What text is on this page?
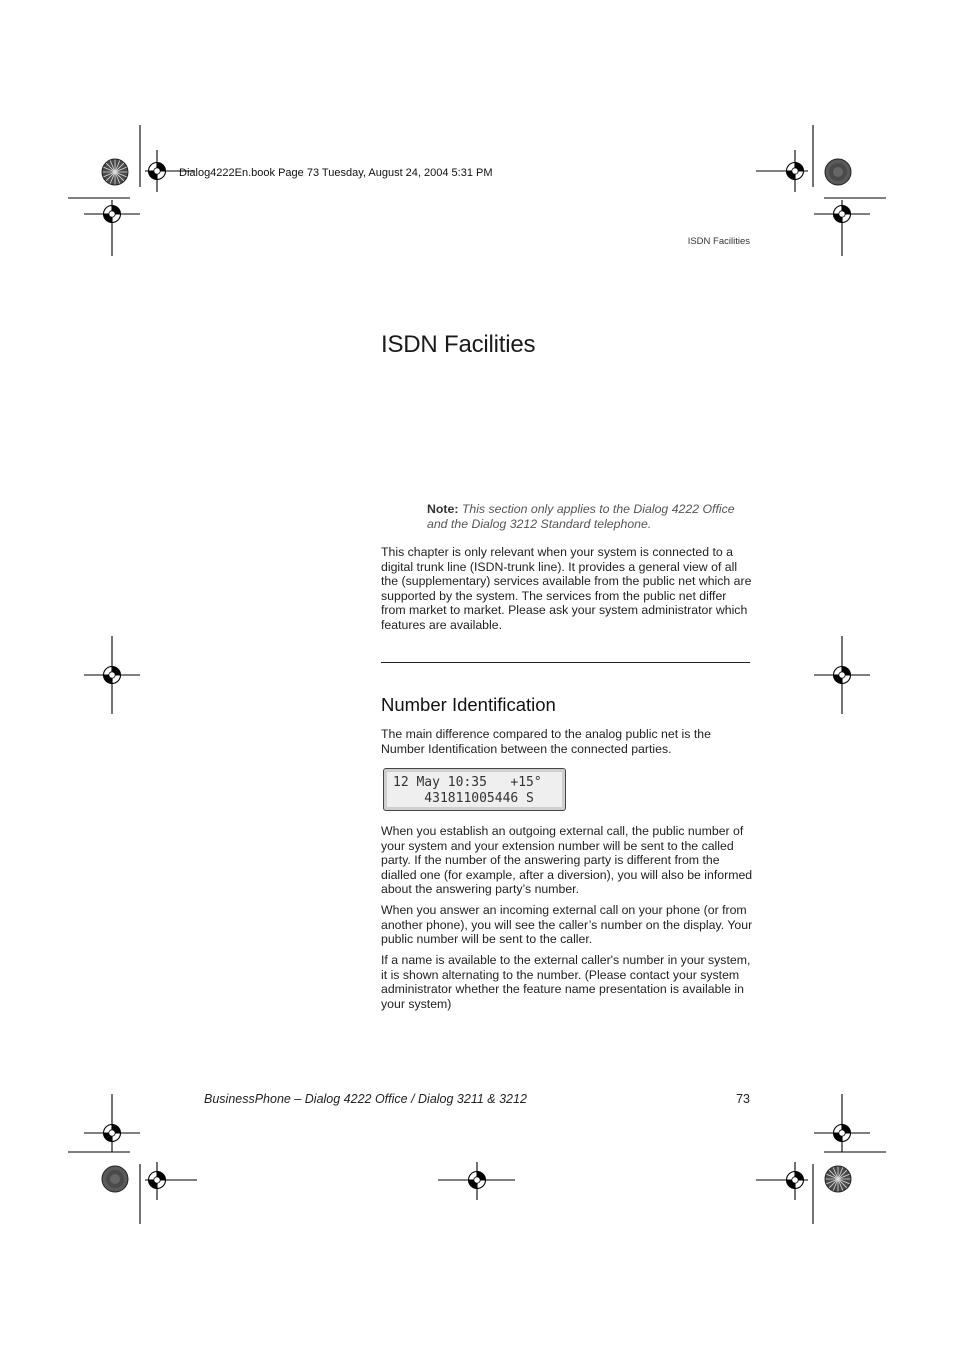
Dialog4222En.book Page 73 Tuesday, August 24, 2004 5:31 PM
ISDN Facilities
ISDN Facilities
Note: This section only applies to the Dialog 4222 Office and the Dialog 3212 Standard telephone.

This chapter is only relevant when your system is connected to a digital trunk line (ISDN-trunk line). It provides a general view of all the (supplementary) services available from the public net which are supported by the system. The services from the public net differ from market to market. Please ask your system administrator which features are available.

Number Identification

The main difference compared to the analog public net is the Number Identification between the connected parties.

12 May 10:35   +15°
431811005446 S

When you establish an outgoing external call, the public number of your system and your extension number will be sent to the called party. If the number of the answering party is different from the dialled one (for example, after a diversion), you will also be informed about the answering party’s number.

When you answer an incoming external call on your phone (or from another phone), you will see the caller’s number on the display. Your public number will be sent to the caller.

If a name is available to the external caller's number in your system, it is shown alternating to the number. (Please contact your system administrator whether the feature name presentation is available in your system)

BusinessPhone – Dialog 4222 Office / Dialog 3211 & 3212	73
